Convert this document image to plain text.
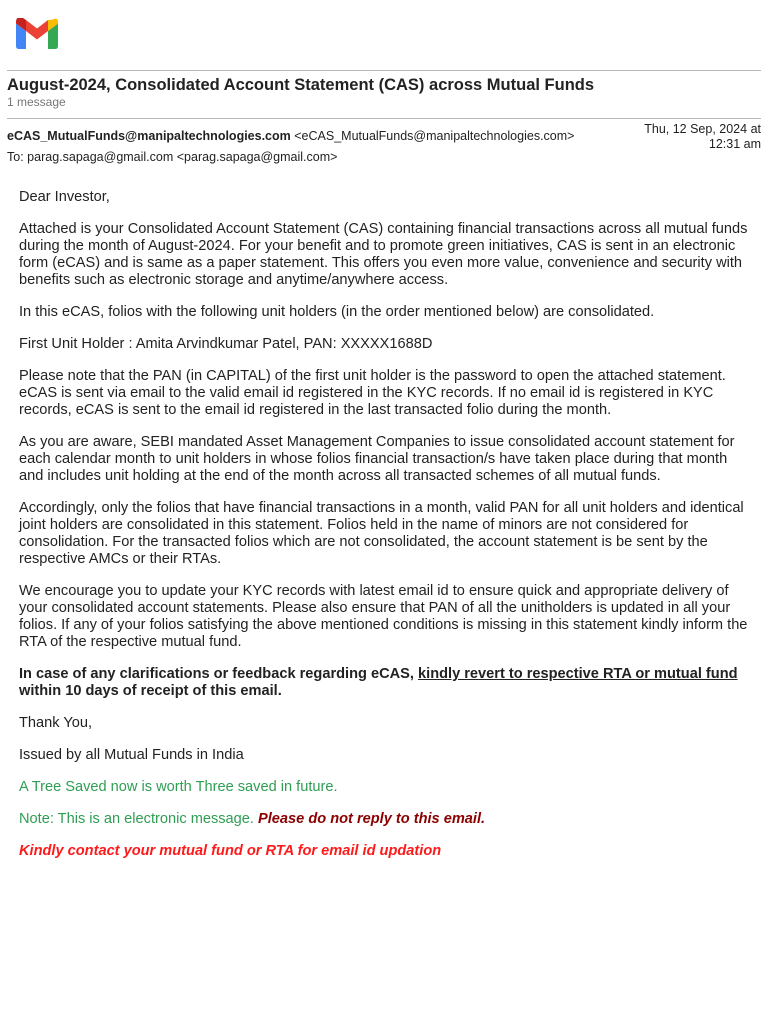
August-2024, Consolidated Account Statement (CAS) across Mutual Funds
1 message
eCAS_MutualFunds@manipaltechnologies.com <eCAS_MutualFunds@manipaltechnologies.com>
To: parag.sapaga@gmail.com <parag.sapaga@gmail.com>
Thu, 12 Sep, 2024 at
12:31 am

Dear Investor,

Attached is your Consolidated Account Statement (CAS) containing financial transactions across all mutual funds during the month of August-2024. For your benefit and to promote green initiatives, CAS is sent in an electronic form (eCAS) and is same as a paper statement. This offers you even more value, convenience and security with benefits such as electronic storage and anytime/anywhere access.

In this eCAS, folios with the following unit holders (in the order mentioned below) are consolidated.

First Unit Holder : Amita Arvindkumar Patel, PAN: XXXXX1688D

Please note that the PAN (in CAPITAL) of the first unit holder is the password to open the attached statement. eCAS is sent via email to the valid email id registered in the KYC records. If no email id is registered in KYC records, eCAS is sent to the email id registered in the last transacted folio during the month.

As you are aware, SEBI mandated Asset Management Companies to issue consolidated account statement for each calendar month to unit holders in whose folios financial transaction/s have taken place during that month and includes unit holding at the end of the month across all transacted schemes of all mutual funds.

Accordingly, only the folios that have financial transactions in a month, valid PAN for all unit holders and identical joint holders are consolidated in this statement. Folios held in the name of minors are not considered for consolidation. For the transacted folios which are not consolidated, the account statement is be sent by the respective AMCs or their RTAs.

We encourage you to update your KYC records with latest email id to ensure quick and appropriate delivery of your consolidated account statements. Please also ensure that PAN of all the unitholders is updated in all your folios. If any of your folios satisfying the above mentioned conditions is missing in this statement kindly inform the RTA of the respective mutual fund.

In case of any clarifications or feedback regarding eCAS, kindly revert to respective RTA or mutual fund within 10 days of receipt of this email.

Thank You,

Issued by all Mutual Funds in India

A Tree Saved now is worth Three saved in future.

Note: This is an electronic message. Please do not reply to this email.

Kindly contact your mutual fund or RTA for email id updation
